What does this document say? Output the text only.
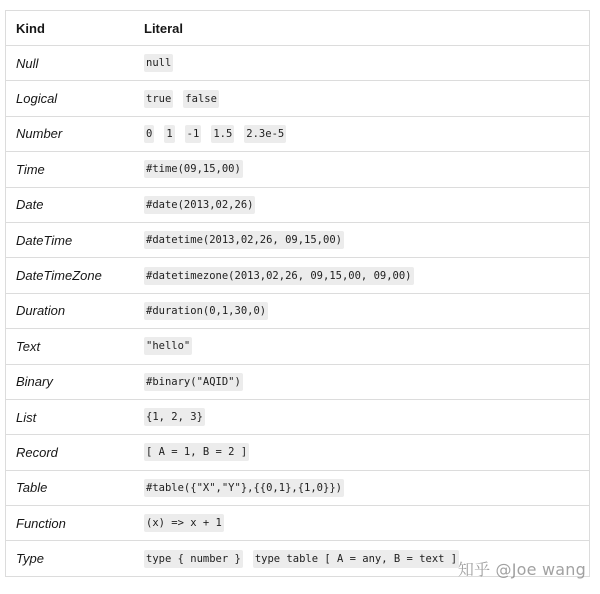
Kind	Literal
Null	null
Logical	true false
Number	0 1 -1 1.5 2.3e-5
Time	#time(09,15,00)
Date	#date(2013,02,26)
DateTime	#datetime(2013,02,26, 09,15,00)
DateTimeZone	#datetimezone(2013,02,26, 09,15,00, 09,00)
Duration	#duration(0,1,30,0)
Text	"hello"
Binary	#binary("AQID")
List	{1, 2, 3}
Record	[ A = 1, B = 2 ]
Table	#table({"X","Y"},{{0,1},{1,0}})
Function	(x) => x + 1
Type	type { number } type table [ A = any, B = text ]
知乎 @Joe wang
